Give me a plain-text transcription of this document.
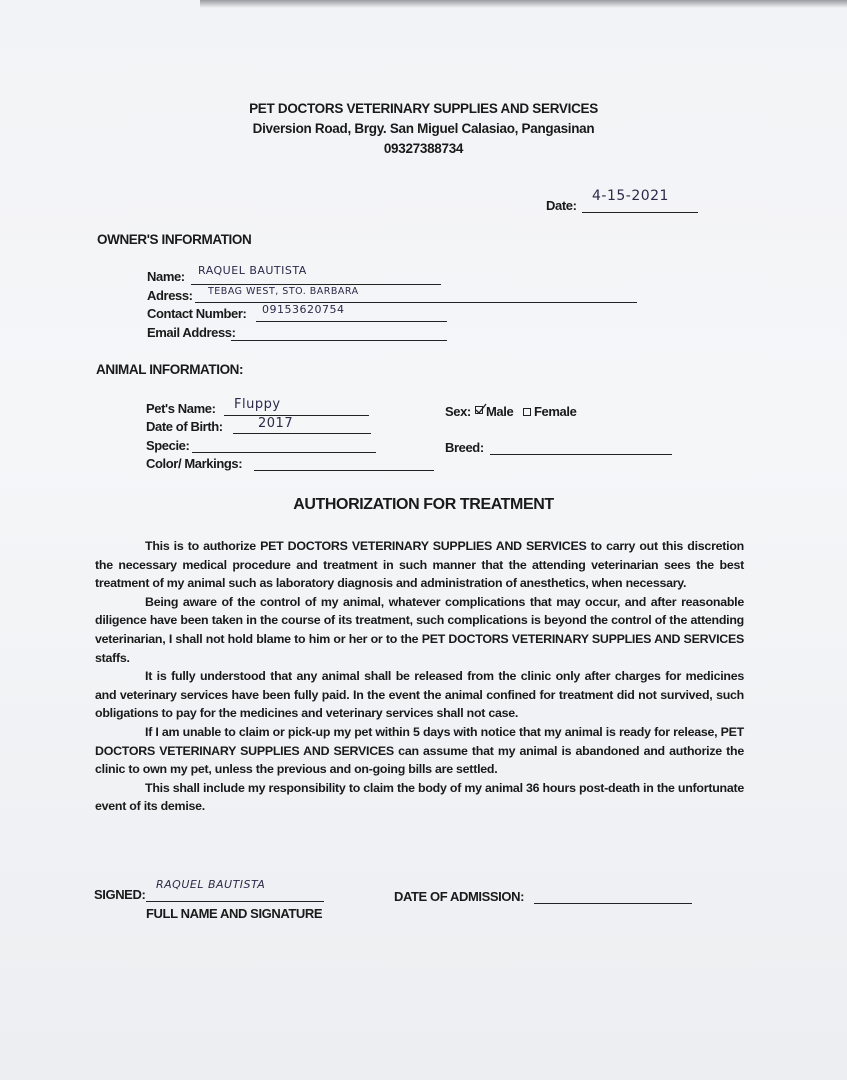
PET DOCTORS VETERINARY SUPPLIES AND SERVICES
Diversion Road, Brgy. San Miguel Calasiao, Pangasinan
09327388734
Date:
4-15-2021
OWNER'S INFORMATION
Name: RAQUEL BAUTISTA
Adress: TEBAG WEST, STO. BARBARA
Contact Number: 09153620754
Email Address:
ANIMAL INFORMATION:
Pet's Name: Fluppy
Date of Birth:	2017
Specie:
Color/ Markings:
Sex: Male Female
Breed:
AUTHORIZATION FOR TREATMENT

This is to authorize PET DOCTORS VETERINARY SUPPLIES AND SERVICES to carry out this discretion the necessary medical procedure and treatment in such manner that the attending veterinarian sees the best treatment of my animal such as laboratory diagnosis and administration of anesthetics, when necessary.

Being aware of the control of my animal, whatever complications that may occur, and after reasonable diligence have been taken in the course of its treatment, such complications is beyond the control of the attending veterinarian, I shall not hold blame to him or her or to the PET DOCTORS VETERINARY SUPPLIES AND SERVICES staffs.

It is fully understood that any animal shall be released from the clinic only after charges for medicines and veterinary services have been fully paid. In the event the animal confined for treatment did not survived, such obligations to pay for the medicines and veterinary services shall not case.

If I am unable to claim or pick-up my pet within 5 days with notice that my animal is ready for release, PET DOCTORS VETERINARY SUPPLIES AND SERVICES can assume that my animal is abandoned and authorize the clinic to own my pet, unless the previous and on-going bills are settled.

This shall include my responsibility to claim the body of my animal 36 hours post-death in the unfortunate event of its demise.

SIGNED:
RAQUEL BAUTISTA
FULL NAME AND SIGNATURE
DATE OF ADMISSION:
